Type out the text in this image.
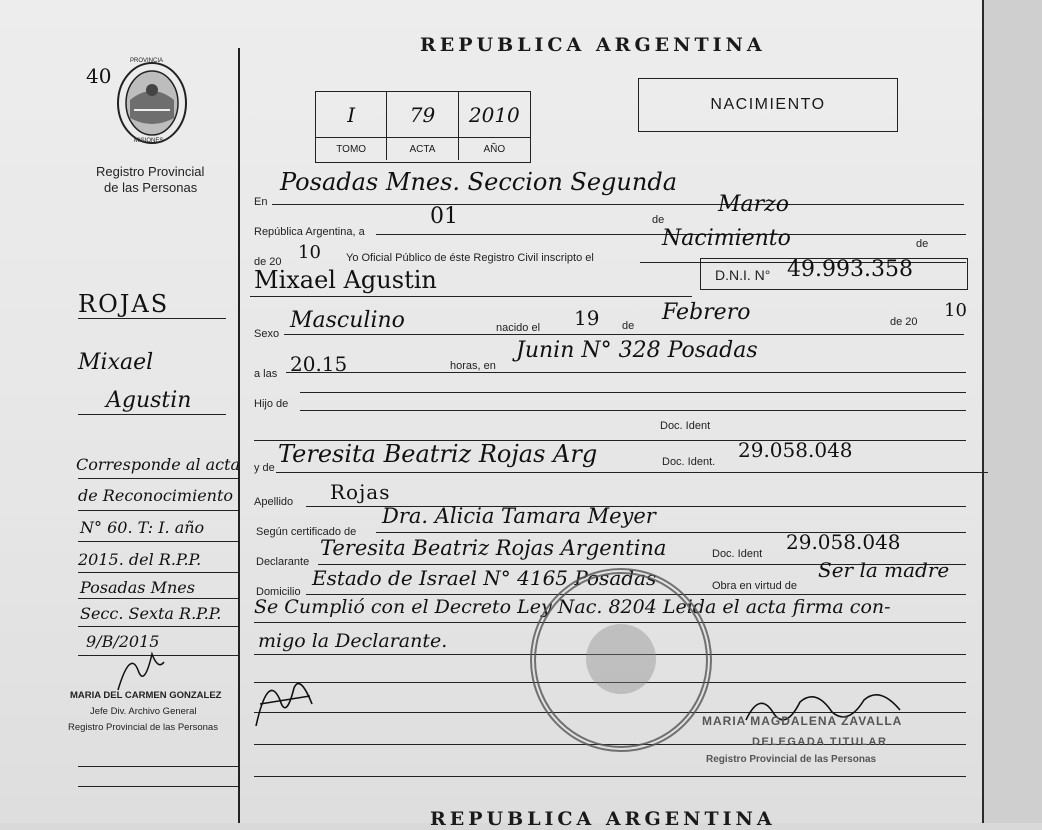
40
PROVINCIA
MISIONES
Registro Provincial
de las Personas
ROJAS
Mixael
Agustin
Corresponde al acta
de Reconocimiento
N° 60. T: I. año
2015. del R.P.P.
Posadas Mnes
Secc. Sexta R.P.P.
9/B/2015
MARIA DEL CARMEN GONZALEZ
Jefe Div. Archivo General
Registro Provincial de las Personas
REPUBLICA ARGENTINA
I	79	2010
TOMO	ACTA	AÑO
NACIMIENTO
En
Posadas Mnes. Seccion Segunda
República Argentina, a
01	de
Marzo
de 20 10 Yo Oficial Público de éste Registro Civil inscripto el
Nacimiento	de
Mixael Agustin	D.N.I. N° 49.993.358
Sexo
Masculino	nacido el 19 de
Febrero	de 20
10
a las 20.15	horas, en
Junin N° 328 Posadas
Hijo de
Doc. Ident
y de Teresita Beatriz Rojas Arg	Doc. Ident. 29.058.048
Apellido Rojas
Según certificado de
Dra. Alicia Tamara Meyer
Declarante
Teresita Beatriz Rojas Argentina	Doc. Ident 29.058.048
Domicilio
Estado de Israel N° 4165 Posadas	Obra en virtud de
Ser la madre
Se Cumplió con el Decreto Ley Nac. 8204 Leida el acta firma con-
migo la Declarante.
MARIA MAGDALENA ZAVALLA
DELEGADA TITULAR
Registro Provincial de las Personas
REPUBLICA ARGENTINA
